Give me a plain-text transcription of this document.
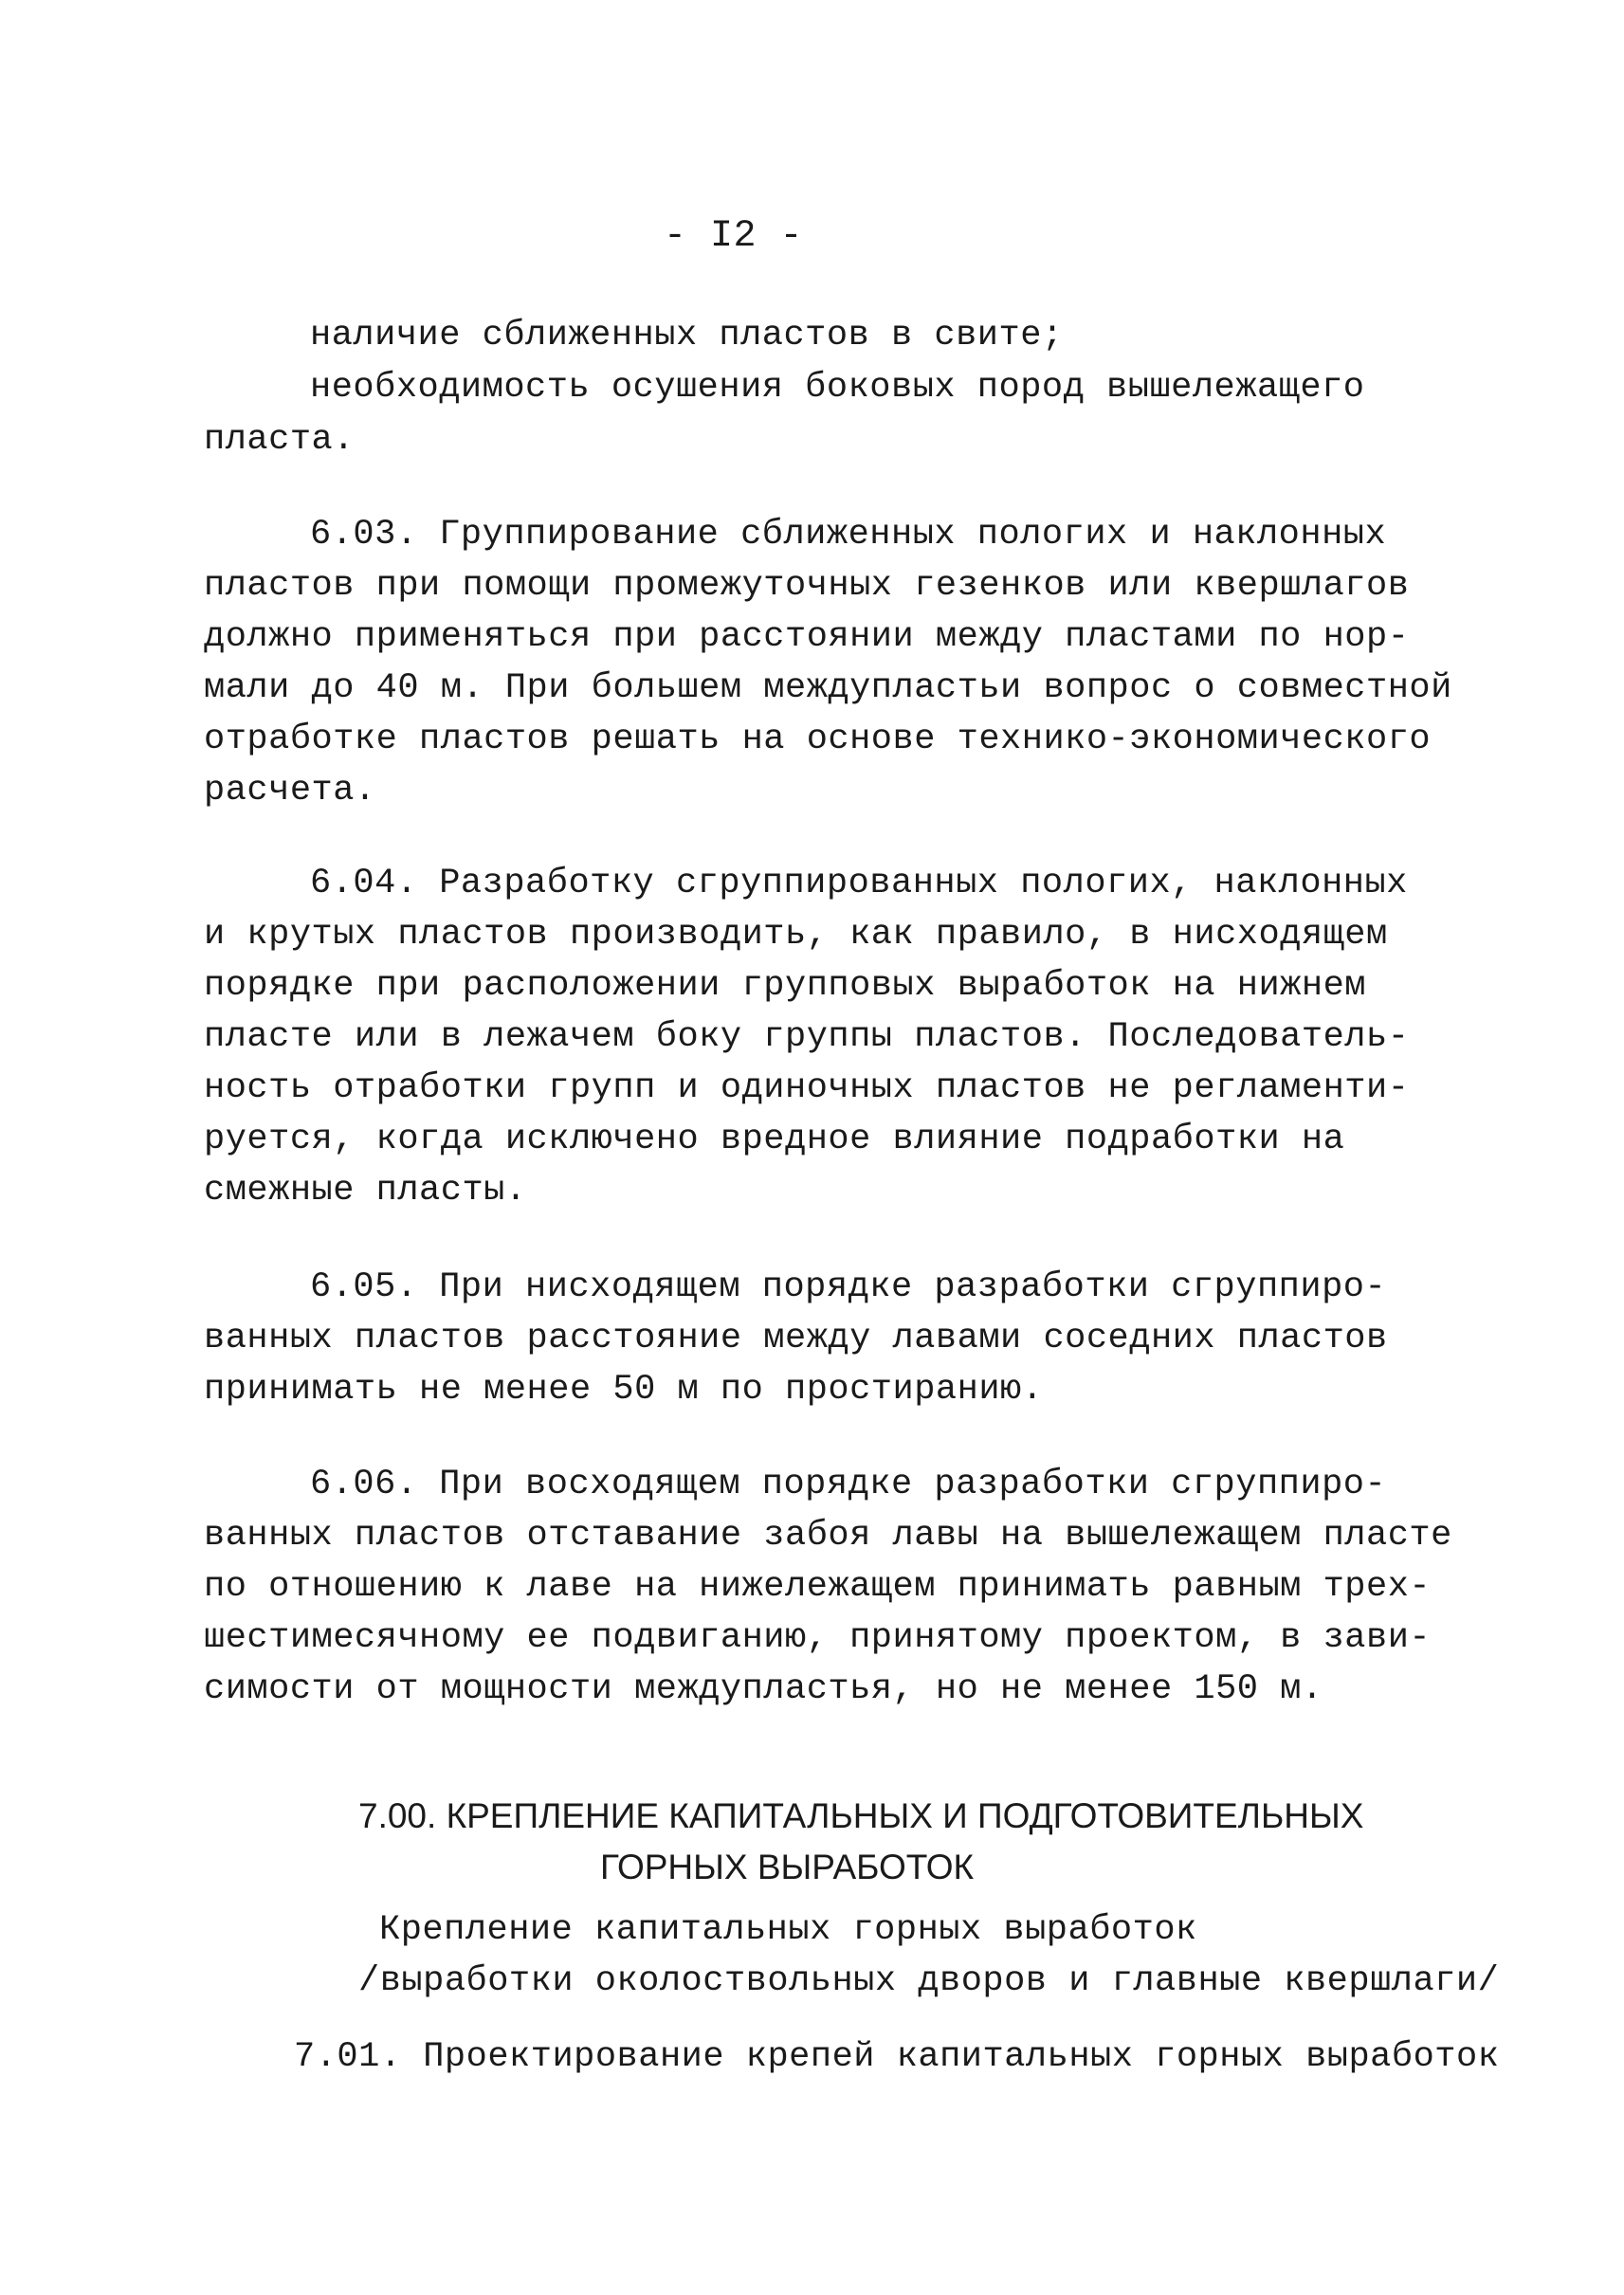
- I2 -
наличие сближенных пластов в свите;
необходимость осушения боковых пород вышележащего
пласта.
6.03. Группирование сближенных пологих и наклонных
пластов при помощи промежуточных гезенков или квершлагов
должно применяться при расстоянии между пластами по нор-
мали до 40 м. При большем междупластьи вопрос о совместной
отработке пластов решать на основе технико-экономического
расчета.
6.04. Разработку сгруппированных пологих, наклонных
и крутых пластов производить, как правило, в нисходящем
порядке при расположении групповых выработок на нижнем
пласте или в лежачем боку группы пластов. Последователь-
ность отработки групп и одиночных пластов не регламенти-
руется, когда исключено вредное влияние подработки на
смежные пласты.
6.05. При нисходящем порядке разработки сгруппиро-
ванных пластов расстояние между лавами соседних пластов
принимать не менее 50 м по простиранию.
6.06. При восходящем порядке разработки сгруппиро-
ванных пластов отставание забоя лавы на вышележащем пласте
по отношению к лаве на нижележащем принимать равным трех-
шестимесячному ее подвиганию, принятому проектом, в зави-
симости от мощности междупластья, но не менее 150 м.
7.00. КРЕПЛЕНИЕ КАПИТАЛЬНЫХ И ПОДГОТОВИТЕЛЬНЫХ
ГОРНЫХ ВЫРАБОТОК
Крепление капитальных горных выработок
/выработки околоствольных дворов и главные квершлаги/
7.01. Проектирование крепей капитальных горных выработок
